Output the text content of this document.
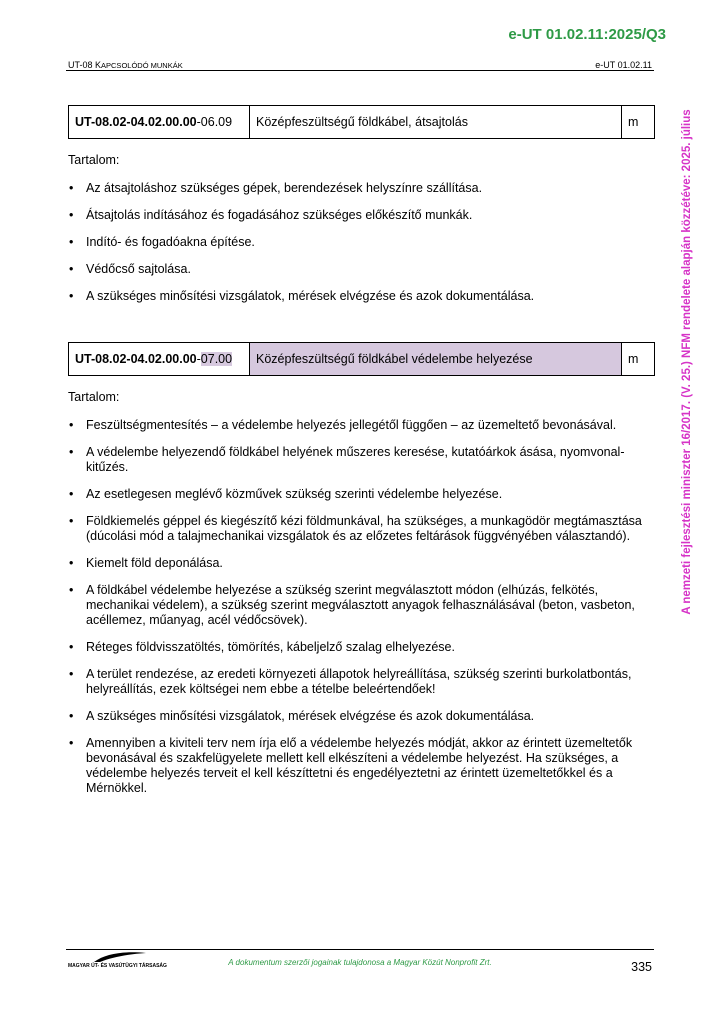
e-UT 01.02.11:2025/Q3
UT-08 KAPCSOLÓDÓ MUNKÁK	e-UT 01.02.11
A nemzeti fejlesztési miniszter 16/2017. (V. 25.) NFM rendelete alapján közzétéve: 2025. július
UT-08.02-04.02.00.00-06.09	Középfeszültségű földkábel, átsajtolás	m
Tartalom:
• Az átsajtoláshoz szükséges gépek, berendezések helyszínre szállítása.
• Átsajtolás indításához és fogadásához szükséges előkészítő munkák.
• Indító- és fogadóakna építése.
• Védőcső sajtolása.
• A szükséges minősítési vizsgálatok, mérések elvégzése és azok dokumentálása.
UT-08.02-04.02.00.00-07.00	Középfeszültségű földkábel védelembe helyezése	m
Tartalom:
• Feszültségmentesítés – a védelembe helyezés jellegétől függően – az üzemeltető bevonásával.
• A védelembe helyezendő földkábel helyének műszeres keresése, kutatóárkok ásása, nyomvonal-kitűzés.
• Az esetlegesen meglévő közművek szükség szerinti védelembe helyezése.
• Földkiemelés géppel és kiegészítő kézi földmunkával, ha szükséges, a munkagödör megtámasztása (dúcolási mód a talajmechanikai vizsgálatok és az előzetes feltárások függvényében választandó).
• Kiemelt föld deponálása.
• A földkábel védelembe helyezése a szükség szerint megválasztott módon (elhúzás, felkötés, mechanikai védelem), a szükség szerint megválasztott anyagok felhasználásával (beton, vasbeton, acéllemez, műanyag, acél védőcsövek).
• Réteges földvisszatöltés, tömörítés, kábeljelző szalag elhelyezése.
• A terület rendezése, az eredeti környezeti állapotok helyreállítása, szükség szerinti burkolatbontás, helyreállítás, ezek költségei nem ebbe a tételbe beleértendőek!
• A szükséges minősítési vizsgálatok, mérések elvégzése és azok dokumentálása.
• Amennyiben a kiviteli terv nem írja elő a védelembe helyezés módját, akkor az érintett üzemeltetők bevonásával és szakfelügyelete mellett kell elkészíteni a védelembe helyezést. Ha szükséges, a védelembe helyezés terveit el kell készíttetni és engedélyeztetni az érintett üzemeltetőkkel és a Mérnökkel.
MAGYAR ÚT- ÉS VASÚTÜGYI TÁRSASÁG	A dokumentum szerzői jogainak tulajdonosa a Magyar Közút Nonprofit Zrt.	335
